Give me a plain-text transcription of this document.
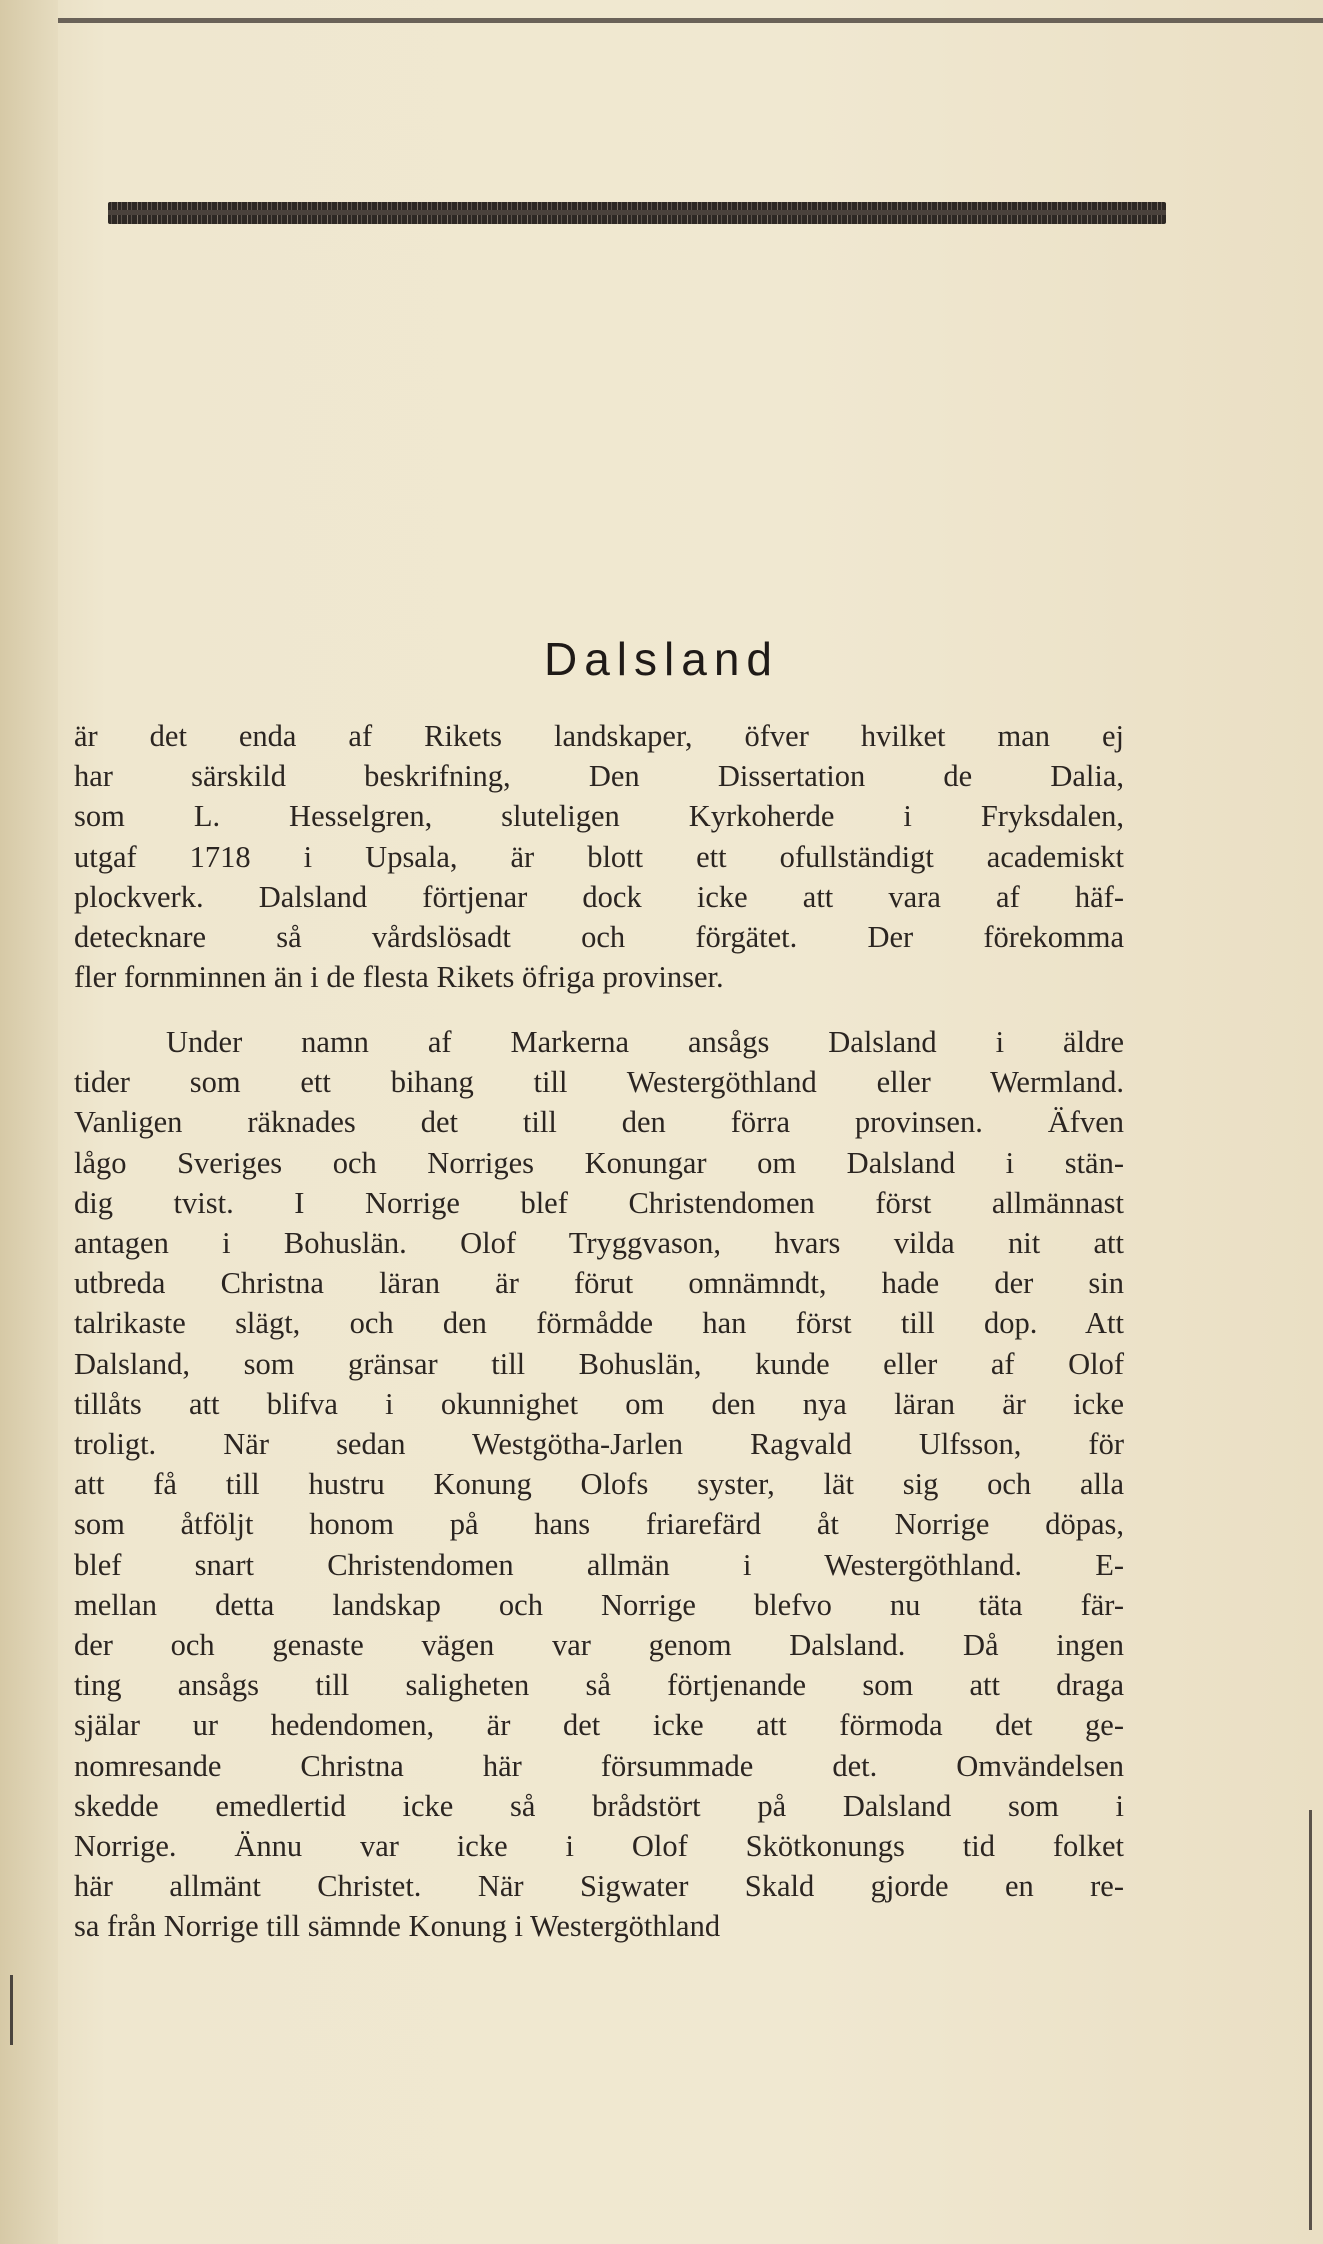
Dalsland
är det enda af Rikets landskaper, öfver hvilket man ej
har särskild beskrifning, Den Dissertation de Dalia,
som L. Hesselgren, sluteligen Kyrkoherde i Fryksdalen,
utgaf 1718 i Upsala, är blott ett ofullständigt academiskt
plockverk. Dalsland förtjenar dock icke att vara af häf-
detecknare så vårdslösadt och förgätet. Der förekomma
fler fornminnen än i de flesta Rikets öfriga provinser.
Under namn af Markerna ansågs Dalsland i äldre
tider som ett bihang till Westergöthland eller Wermland.
Vanligen räknades det till den förra provinsen. Äfven
lågo Sveriges och Norriges Konungar om Dalsland i stän-
dig tvist. I Norrige blef Christendomen först allmännast
antagen i Bohuslän. Olof Tryggvason, hvars vilda nit att
utbreda Christna läran är förut omnämndt, hade der sin
talrikaste slägt, och den förmådde han först till dop. Att
Dalsland, som gränsar till Bohuslän, kunde eller af Olof
tillåts att blifva i okunnighet om den nya läran är icke
troligt. När sedan Westgötha-Jarlen Ragvald Ulfsson, för
att få till hustru Konung Olofs syster, lät sig och alla
som åtföljt honom på hans friarefärd åt Norrige döpas,
blef snart Christendomen allmän i Westergöthland. E-
mellan detta landskap och Norrige blefvo nu täta fär-
der och genaste vägen var genom Dalsland. Då ingen
ting ansågs till saligheten så förtjenande som att draga
själar ur hedendomen, är det icke att förmoda det ge-
nomresande Christna här försummade det. Omvändelsen
skedde emedlertid icke så brådstört på Dalsland som i
Norrige. Ännu var icke i Olof Skötkonungs tid folket
här allmänt Christet. När Sigwater Skald gjorde en re-
sa från Norrige till sämnde Konung i Westergöthland
